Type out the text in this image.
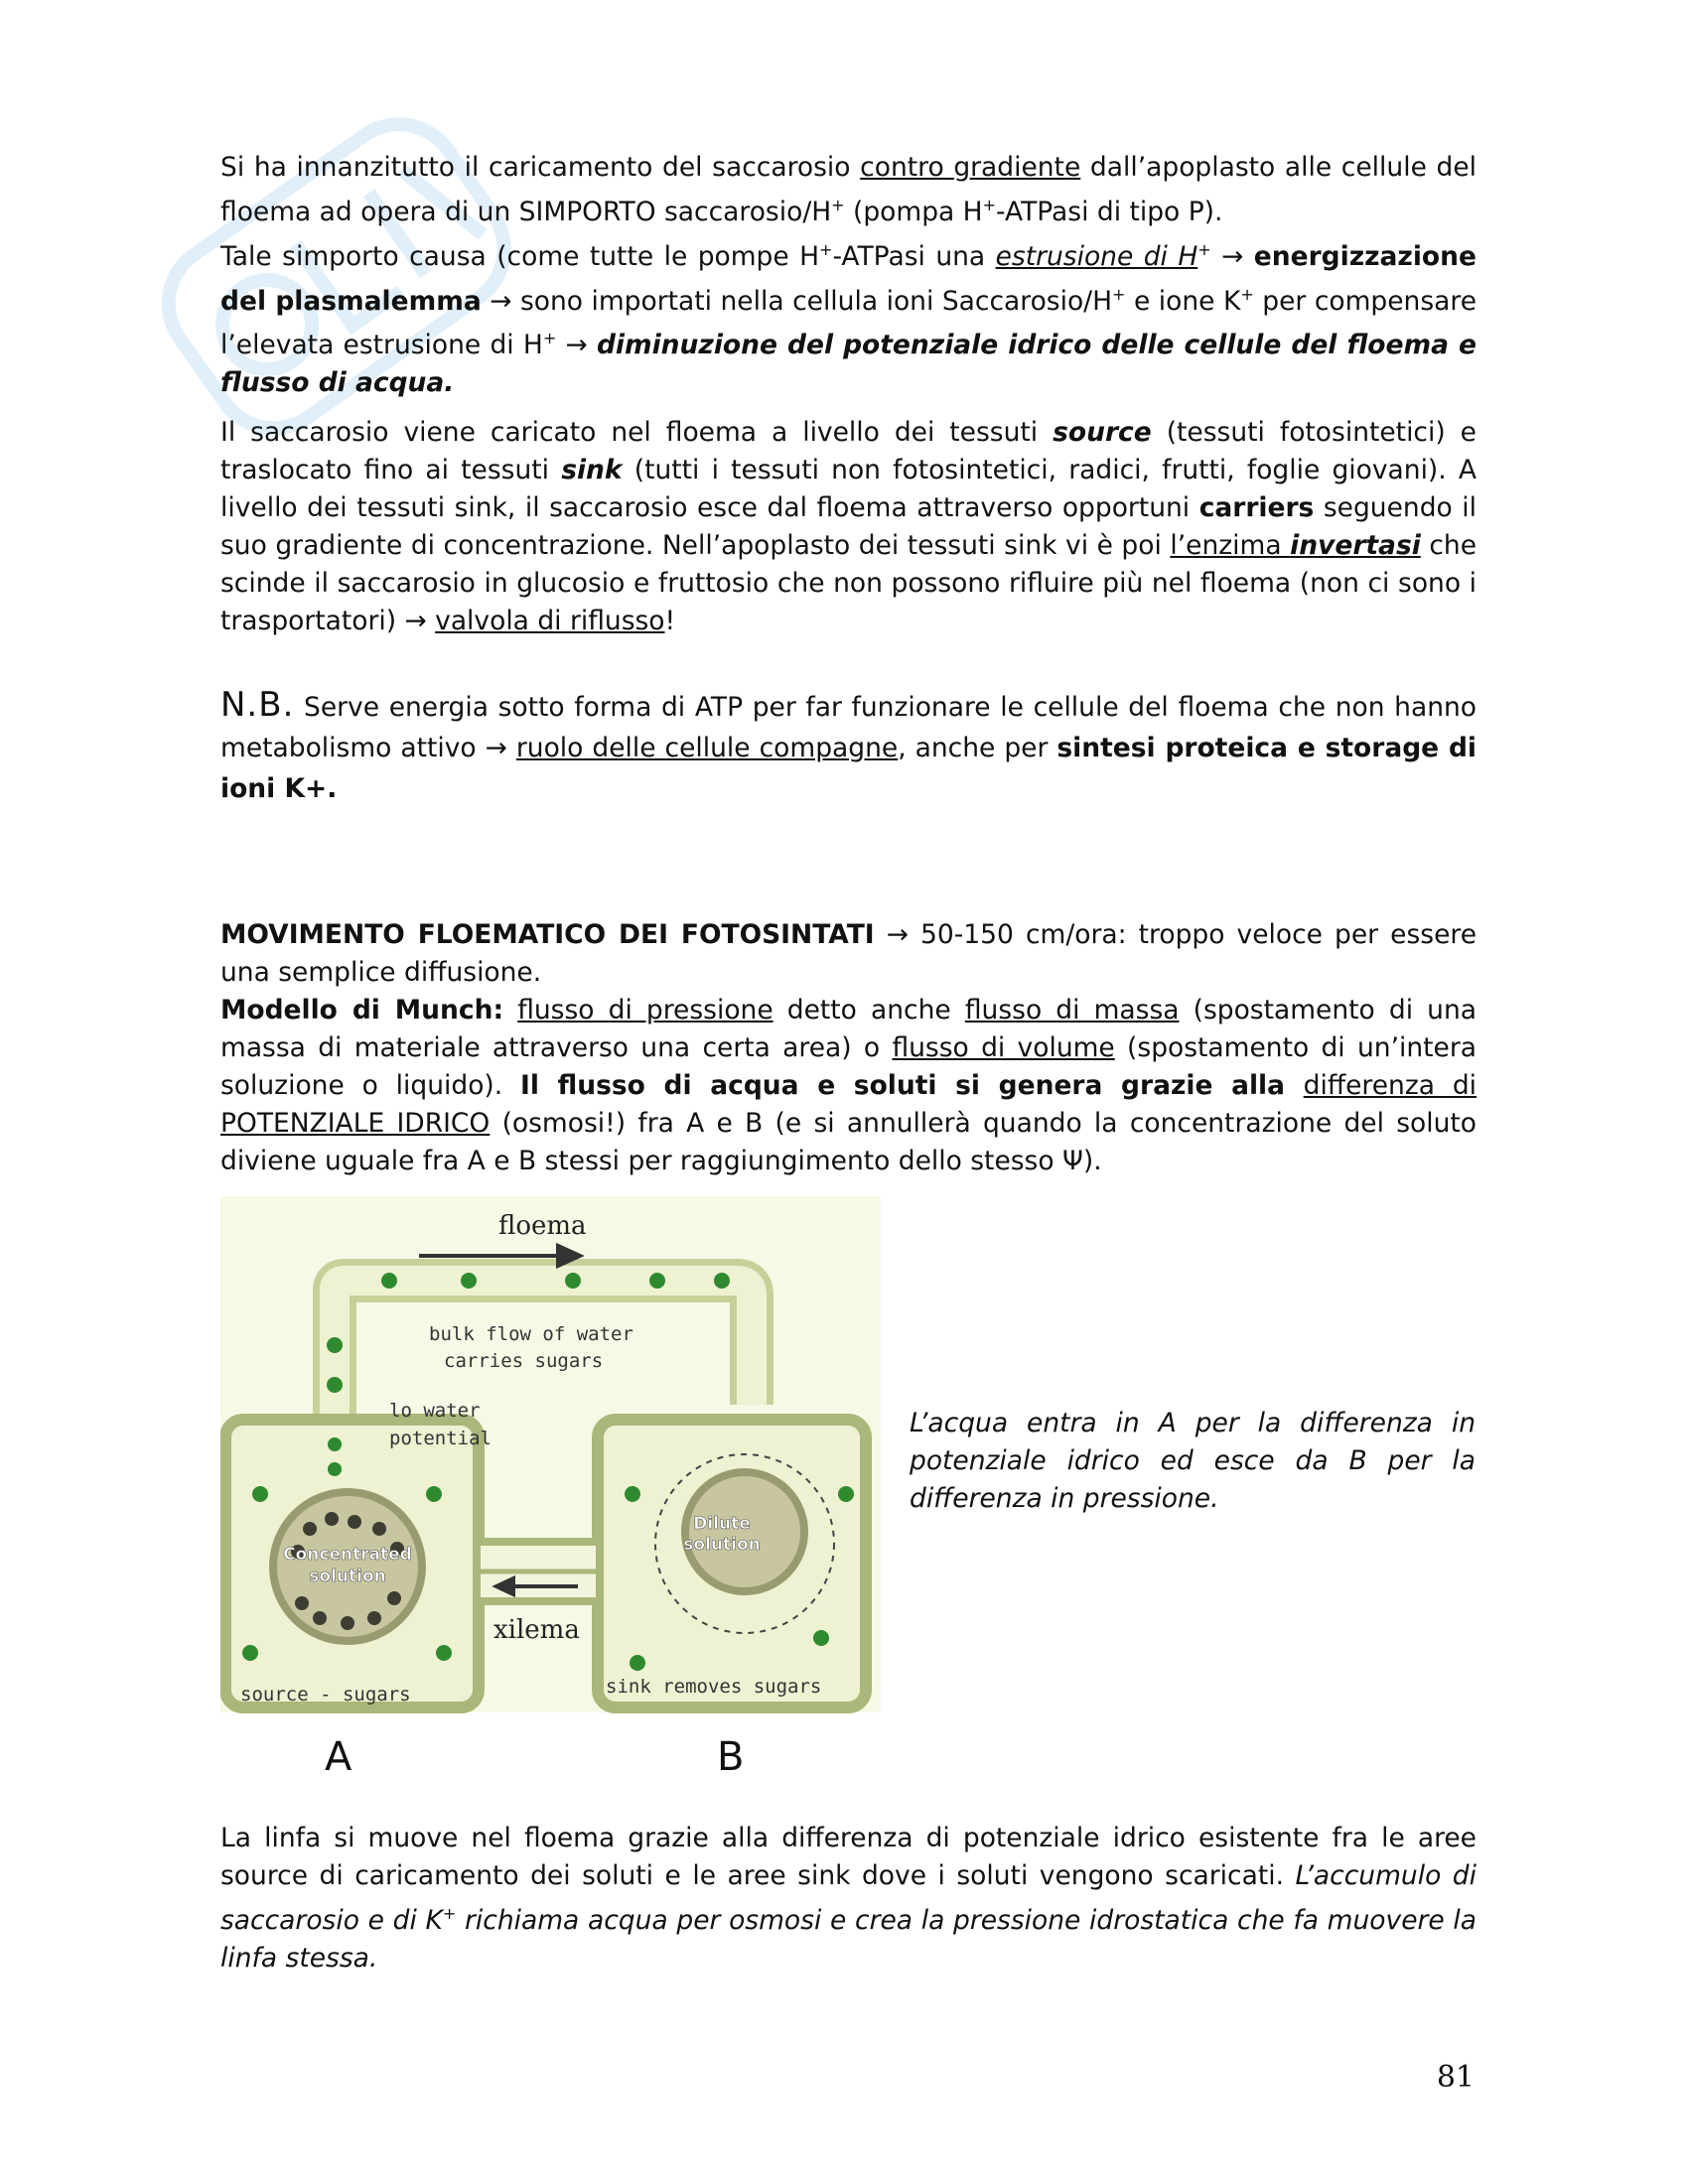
Si ha innanzitutto il caricamento del saccarosio contro gradiente dall’apoplasto alle cellule del floema ad opera di un SIMPORTO saccarosio/H+ (pompa H+-ATPasi di tipo P).

Tale simporto causa (come tutte le pompe H+-ATPasi una estrusione di H+ → energizzazione del plasmalemma → sono importati nella cellula ioni Saccarosio/H+ e ione K+ per compensare l’elevata estrusione di H+ → diminuzione del potenziale idrico delle cellule del floema e flusso di acqua.

Il saccarosio viene caricato nel floema a livello dei tessuti source (tessuti fotosintetici) e traslocato fino ai tessuti sink (tutti i tessuti non fotosintetici, radici, frutti, foglie giovani). A livello dei tessuti sink, il saccarosio esce dal floema attraverso opportuni carriers seguendo il suo gradiente di concentrazione. Nell’apoplasto dei tessuti sink vi è poi l’enzima invertasi che scinde il saccarosio in glucosio e fruttosio che non possono rifluire più nel floema (non ci sono i trasportatori) → valvola di riflusso!

N.B. Serve energia sotto forma di ATP per far funzionare le cellule del floema che non hanno metabolismo attivo → ruolo delle cellule compagne, anche per sintesi proteica e storage di ioni K+.

MOVIMENTO FLOEMATICO DEI FOTOSINTATI → 50-150 cm/ora: troppo veloce per essere una semplice diffusione.

Modello di Munch: flusso di pressione detto anche flusso di massa (spostamento di una massa di materiale attraverso una certa area) o flusso di volume (spostamento di un’intera soluzione o liquido). Il flusso di acqua e soluti si genera grazie alla differenza di POTENZIALE IDRICO (osmosi!) fra A e B (e si annullerà quando la concentrazione del soluto diviene uguale fra A e B stessi per raggiungimento dello stesso Ψ).

floema
xilema
bulk flow of water
carries sugars
lo water
potential
source - sugars	sink removes sugars
Concentrated
solution
Dilute
solution
A	B
L’acqua entra in A per la differenza in potenziale idrico ed esce da B per la differenza in pressione.

La linfa si muove nel floema grazie alla differenza di potenziale idrico esistente fra le aree source di caricamento dei soluti e le aree sink dove i soluti vengono scaricati. L’accumulo di saccarosio e di K+ richiama acqua per osmosi e crea la pressione idrostatica che fa muovere la linfa stessa.

81
